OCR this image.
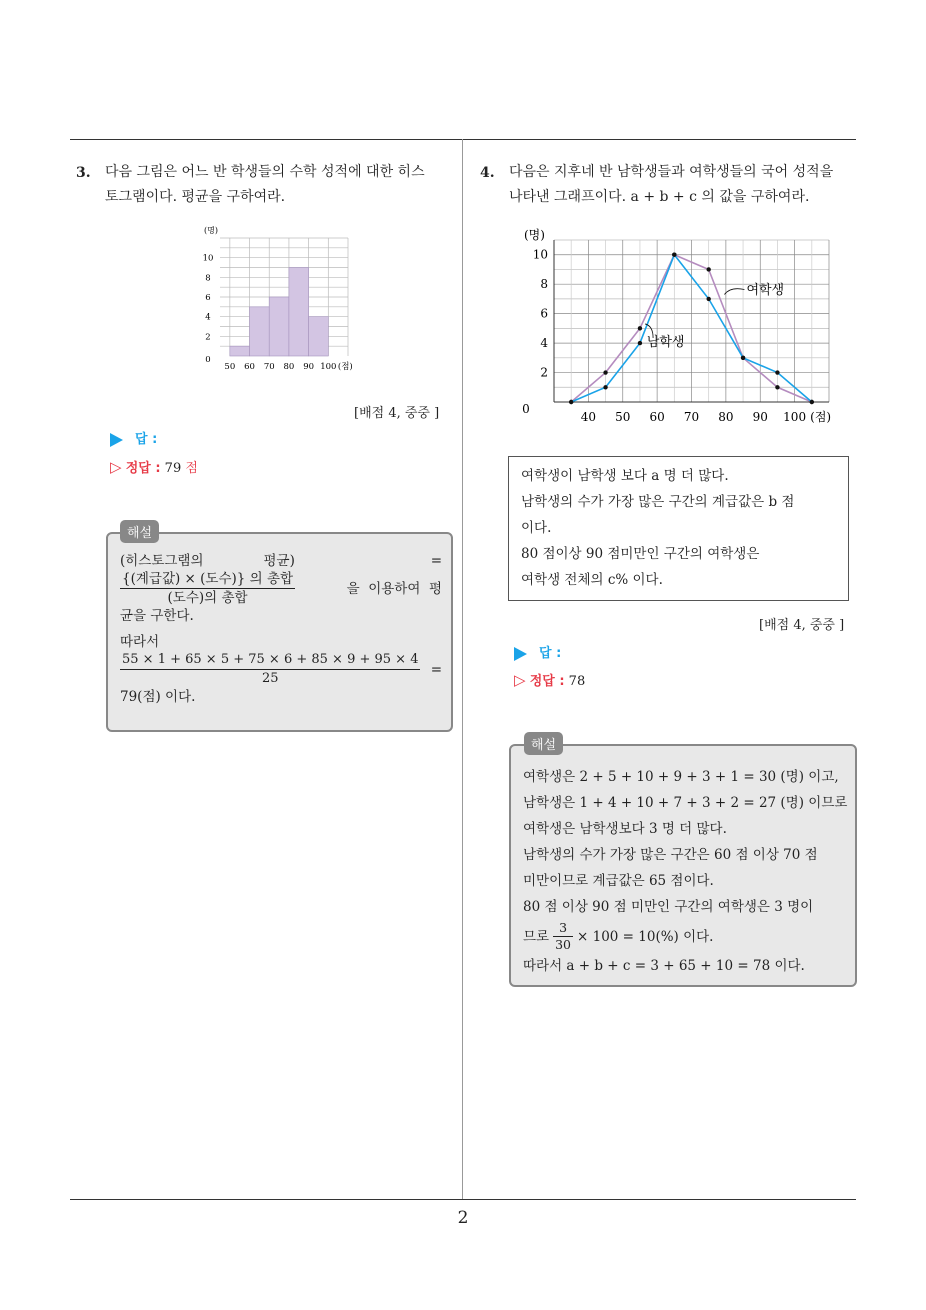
3. 다음 그림은 어느 반 학생들의 수학 성적에 대한 히스
토그램이다. 평균을 구하여라.
(명)
0
2
4
6
8
10
50 60 70 80 90 100 (점)
[배점 4, 중중 ]
답 :
▷ 정답 : 79 점
(히스토그램의	평균)	=
$\frac{\text{\{(계급값) × (도수)\} 의 총합}}{\text{(도수)의 총합}}$	을  이용하여  평
균을 구한다.
따라서
$\frac{55 \times 1 + 65 \times 5 + 75 \times 6 + 85 \times 9 + 95 \times 4}{25}$ =
79(점) 이다.
해설
4. 다음은 지후네 반 남학생들과 여학생들의 국어 성적을
나타낸 그래프이다. a + b + c 의 값을 구하여라.
여학생
남학생
(명)
0
2
4
6
8
10
40 50 60 70 80 90 100 (점)
여학생이 남학생 보다 a 명 더 많다.
남학생의 수가 가장 많은 구간의 계급값은 b 점
이다.
80 점이상 90 점미만인 구간의 여학생은
여학생 전체의 c% 이다.
[배점 4, 중중 ]
답 :
▷ 정답 : 78
여학생은 2 + 5 + 10 + 9 + 3 + 1 = 30 (명) 이고,
남학생은 1 + 4 + 10 + 7 + 3 + 2 = 27 (명) 이므로
여학생은 남학생보다 3 명 더 많다.
남학생의 수가 가장 많은 구간은 60 점 이상 70 점
미만이므로 계급값은 65 점이다.
80 점 이상 90 점 미만인 구간의 여학생은 3 명이
므로 $\frac{3}{30} \times 100 = 10(\%)$ 이다.
따라서 a + b + c = 3 + 65 + 10 = 78 이다.
해설
2
